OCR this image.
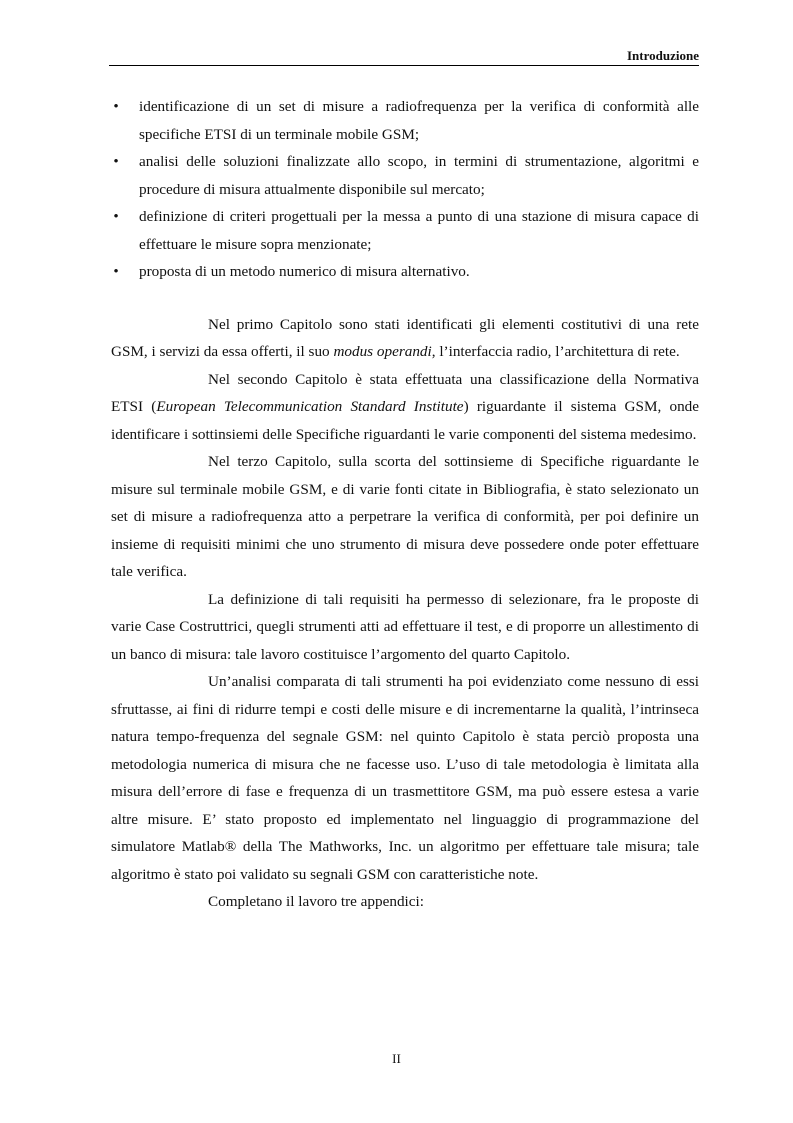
Introduzione
• identificazione di un set di misure a radiofrequenza per la verifica di conformità alle specifiche ETSI di un terminale mobile GSM;
• analisi delle soluzioni finalizzate allo scopo, in termini di strumentazione, algoritmi e procedure di misura attualmente disponibile sul mercato;
• definizione di criteri progettuali per la messa a punto di una stazione di misura capace di effettuare le misure sopra menzionate;
• proposta di un metodo numerico di misura alternativo.

Nel primo Capitolo sono stati identificati gli elementi costitutivi di una rete GSM, i servizi da essa offerti, il suo modus operandi, l’interfaccia radio, l’architettura di rete.

Nel secondo Capitolo è stata effettuata una classificazione della Normativa ETSI (European Telecommunication Standard Institute) riguardante il sistema GSM, onde identificare i sottinsiemi delle Specifiche riguardanti le varie componenti del sistema medesimo.

Nel terzo Capitolo, sulla scorta del sottinsieme di Specifiche riguardante le misure sul terminale mobile GSM, e di varie fonti citate in Bibliografia, è stato selezionato un set di misure a radiofrequenza atto a perpetrare la verifica di conformità, per poi definire un insieme di requisiti minimi che uno strumento di misura deve possedere onde poter effettuare tale verifica.

La definizione di tali requisiti ha permesso di selezionare, fra le proposte di varie Case Costruttrici, quegli strumenti atti ad effettuare il test, e di proporre un allestimento di un banco di misura: tale lavoro costituisce l’argomento del quarto Capitolo.

Un’analisi comparata di tali strumenti ha poi evidenziato come nessuno di essi sfruttasse, ai fini di ridurre tempi e costi delle misure e di incrementarne la qualità, l’intrinseca natura tempo-frequenza del segnale GSM: nel quinto Capitolo è stata perciò proposta una metodologia numerica di misura che ne facesse uso. L’uso di tale metodologia è limitata alla misura dell’errore di fase e frequenza di un trasmettitore GSM, ma può essere estesa a varie altre misure. E’ stato proposto ed implementato nel linguaggio di programmazione del simulatore Matlab® della The Mathworks, Inc. un algoritmo per effettuare tale misura; tale algoritmo è stato poi validato su segnali GSM con caratteristiche note.

Completano il lavoro tre appendici:

II
